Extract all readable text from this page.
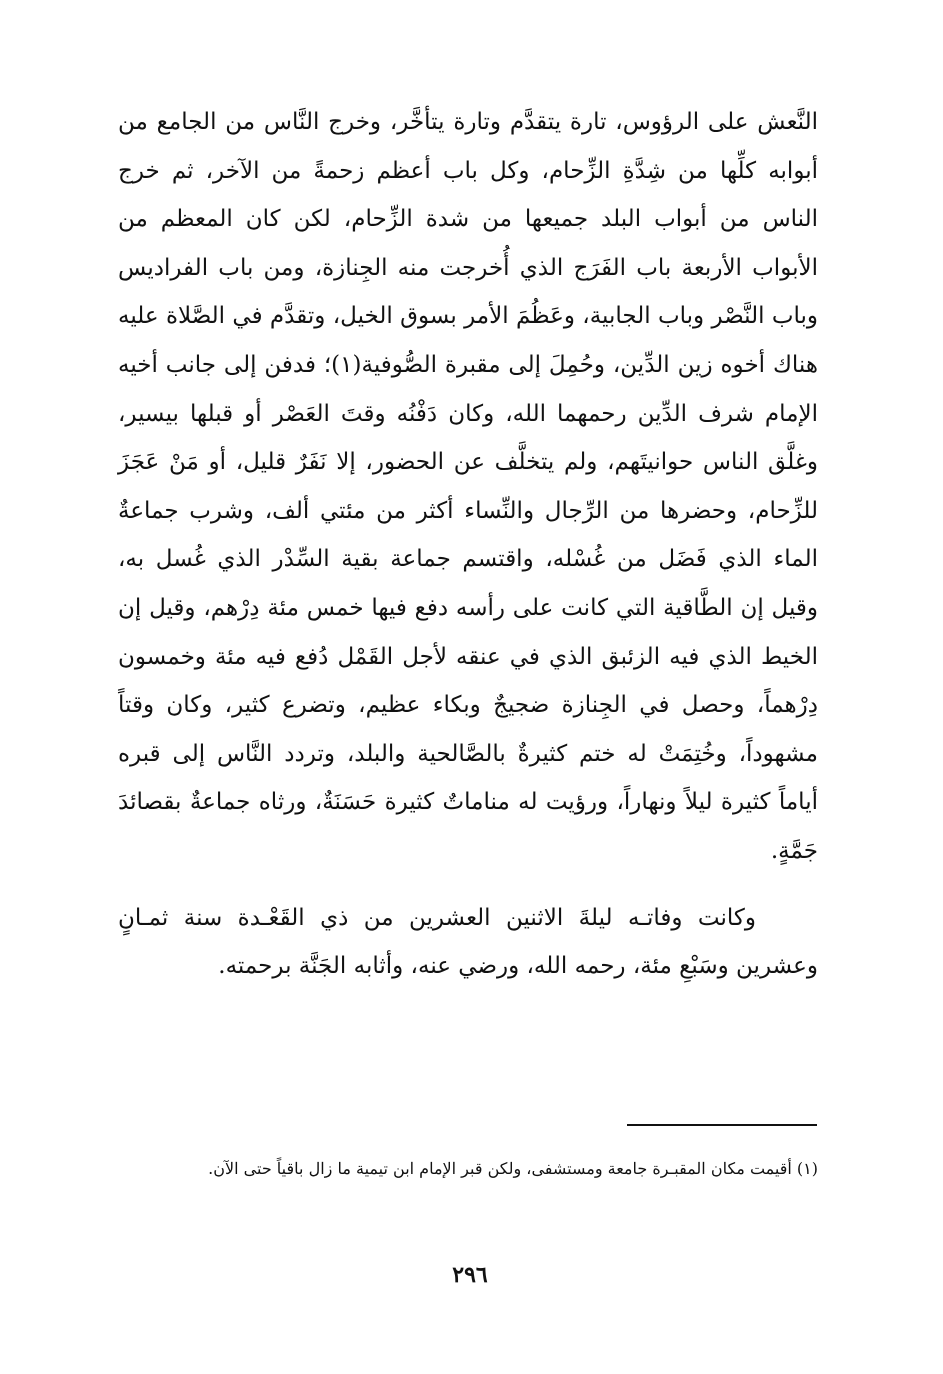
النَّعش على الرؤوس، تارة يتقدَّم وتارة يتأخَّر، وخرج النَّاس من الجامع من أبوابه كلِّها من شِدَّةِ الزِّحام، وكل باب أعظم زحمةً من الآخر، ثم خرج الناس من أبواب البلد جميعها من شدة الزِّحام، لكن كان المعظم من الأبواب الأربعة باب الفَرَج الذي أُخرجت منه الجِنازة، ومن باب الفراديس وباب النَّصْر وباب الجابية، وعَظُمَ الأمر بسوق الخيل، وتقدَّم في الصَّلاة عليه هناك أخوه زين الدِّين، وحُمِلَ إلى مقبرة الصُّوفية(١)؛ فدفن إلى جانب أخيه الإمام شرف الدِّين رحمهما الله، وكان دَفْنُه وقتَ العَصْر أو قبلها بيسير، وغلَّق الناس حوانيتَهم، ولم يتخلَّف عن الحضور، إلا نَفَرٌ قليل، أو مَنْ عَجَزَ للزِّحام، وحضرها من الرِّجال والنِّساء أكثر من مئتي ألف، وشرب جماعةٌ الماء الذي فَضَل من غُسْله، واقتسم جماعة بقية السِّدْر الذي غُسل به، وقيل إن الطَّاقية التي كانت على رأسه دفع فيها خمس مئة دِرْهم، وقيل إن الخيط الذي فيه الزئبق الذي في عنقه لأجل القَمْل دُفع فيه مئة وخمسون دِرْهماً، وحصل في الجِنازة ضجيجٌ وبكاء عظيم، وتضرع كثير، وكان وقتاً مشهوداً، وخُتِمَتْ له ختم كثيرةٌ بالصَّالحية والبلد، وتردد النَّاس إلى قبره أياماً كثيرة ليلاً ونهاراً، ورؤيت له مناماتٌ كثيرة حَسَنَةٌ، ورثاه جماعةٌ بقصائدَ جَمَّةٍ.

وكانت وفاتـه ليلةَ الاثنين العشرين من ذي القَعْـدة سنة ثمـانٍ وعشرين وسَبْعِ مئة، رحمه الله، ورضي عنه، وأثابه الجَنَّة برحمته.

(١) أقيمت مكان المقبـرة جامعة ومستشفى، ولكن قبر الإمام ابن تيمية ما زال باقياً حتى الآن.
٢٩٦
